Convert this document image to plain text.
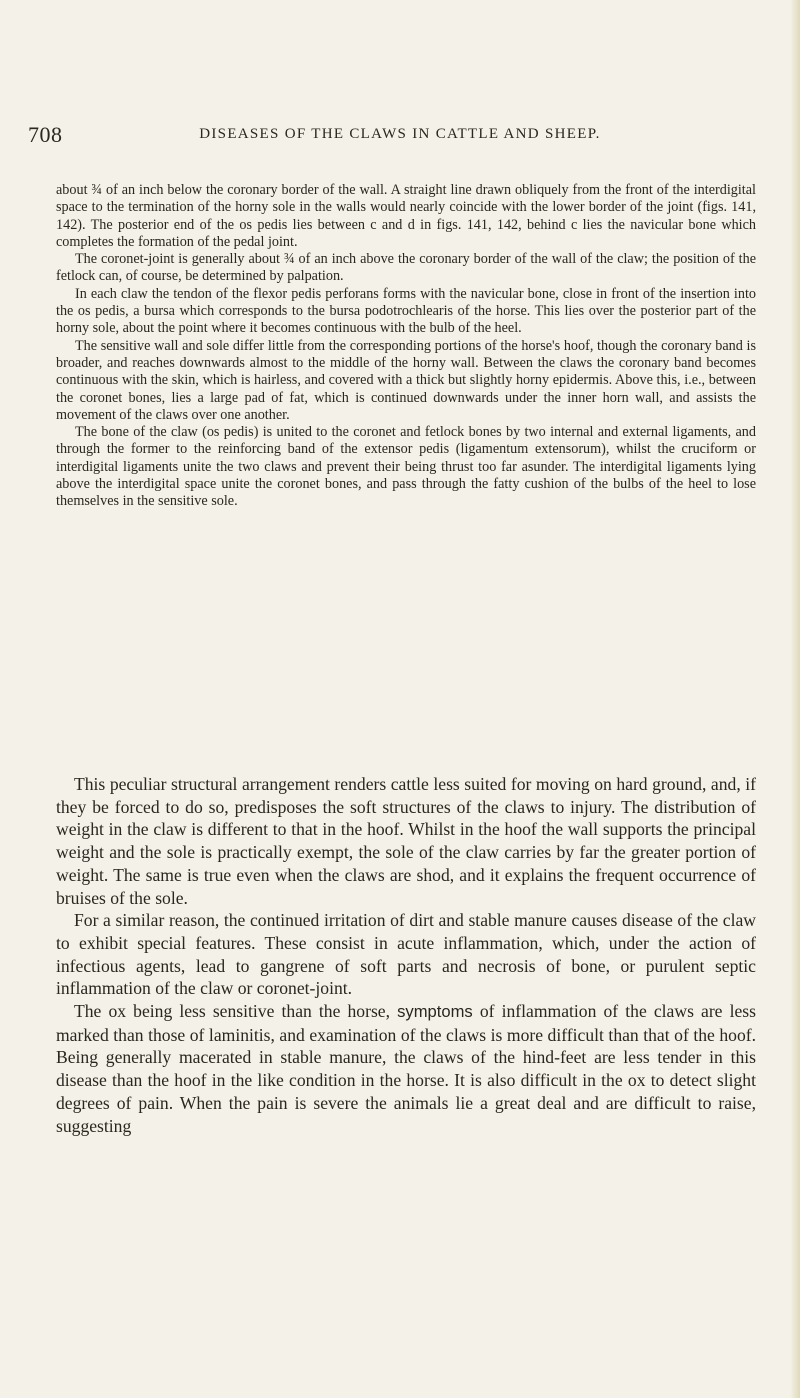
708	DISEASES OF THE CLAWS IN CATTLE AND SHEEP.

about ¾ of an inch below the coronary border of the wall. A straight line drawn obliquely from the front of the interdigital space to the termination of the horny sole in the walls would nearly coincide with the lower border of the joint (figs. 141, 142). The posterior end of the os pedis lies between c and d in figs. 141, 142, behind c lies the navicular bone which completes the formation of the pedal joint.

The coronet-joint is generally about ¾ of an inch above the coronary border of the wall of the claw; the position of the fetlock can, of course, be determined by palpation.

In each claw the tendon of the flexor pedis perforans forms with the navicular bone, close in front of the insertion into the os pedis, a bursa which corresponds to the bursa podotrochlearis of the horse. This lies over the posterior part of the horny sole, about the point where it becomes continuous with the bulb of the heel.

The sensitive wall and sole differ little from the corresponding portions of the horse's hoof, though the coronary band is broader, and reaches downwards almost to the middle of the horny wall. Between the claws the coronary band becomes continuous with the skin, which is hairless, and covered with a thick but slightly horny epidermis. Above this, i.e., between the coronet bones, lies a large pad of fat, which is continued downwards under the inner horn wall, and assists the movement of the claws over one another.

The bone of the claw (os pedis) is united to the coronet and fetlock bones by two internal and external ligaments, and through the former to the reinforcing band of the extensor pedis (ligamentum extensorum), whilst the cruciform or interdigital ligaments unite the two claws and prevent their being thrust too far asunder. The interdigital ligaments lying above the interdigital space unite the coronet bones, and pass through the fatty cushion of the bulbs of the heel to lose themselves in the sensitive sole.

This peculiar structural arrangement renders cattle less suited for moving on hard ground, and, if they be forced to do so, predisposes the soft structures of the claws to injury. The distribution of weight in the claw is different to that in the hoof. Whilst in the hoof the wall supports the principal weight and the sole is practically exempt, the sole of the claw carries by far the greater portion of weight. The same is true even when the claws are shod, and it explains the frequent occurrence of bruises of the sole.

For a similar reason, the continued irritation of dirt and stable manure causes disease of the claw to exhibit special features. These consist in acute inflammation, which, under the action of infectious agents, lead to gangrene of soft parts and necrosis of bone, or purulent septic inflammation of the claw or coronet-joint.

The ox being less sensitive than the horse, symptoms of inflammation of the claws are less marked than those of laminitis, and examination of the claws is more difficult than that of the hoof. Being generally macerated in stable manure, the claws of the hind-feet are less tender in this disease than the hoof in the like condition in the horse. It is also difficult in the ox to detect slight degrees of pain. When the pain is severe the animals lie a great deal and are difficult to raise, suggesting
